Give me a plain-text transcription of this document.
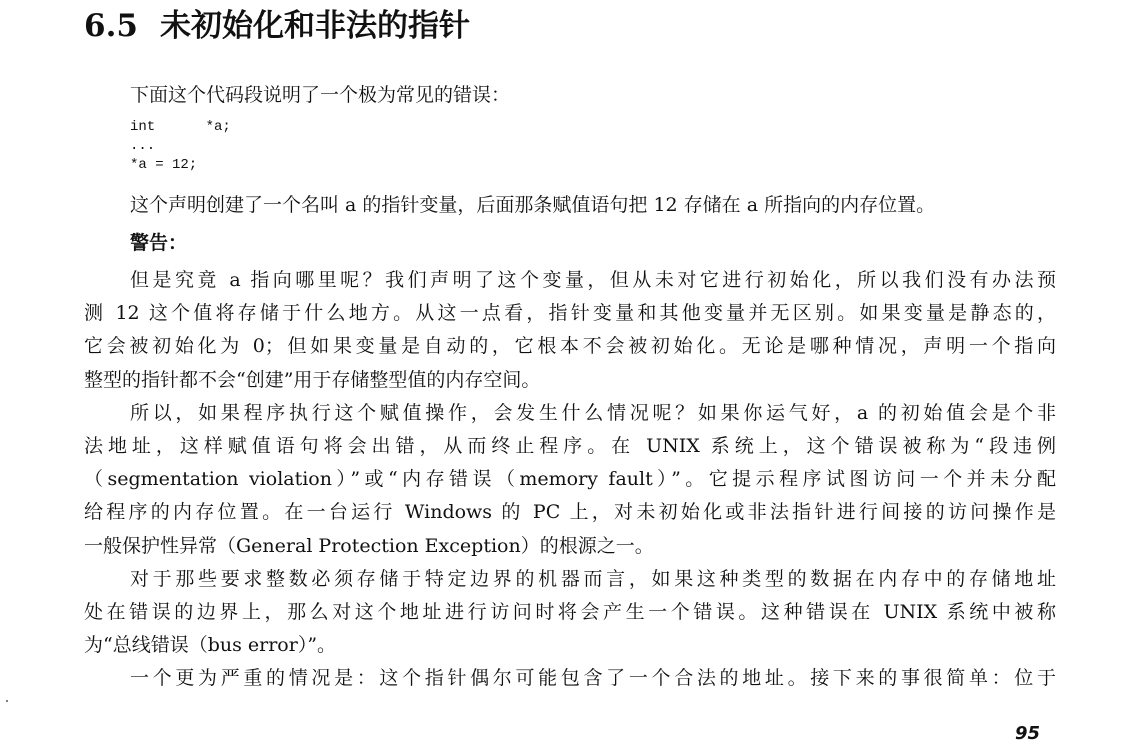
6.5 未初始化和非法的指针

下面这个代码段说明了一个极为常见的错误：

int      *a;
...
*a = 12;

这个声明创建了一个名叫 a 的指针变量，后面那条赋值语句把 12 存储在 a 所指向的内存位置。

警告：

但是究竟 a 指向哪里呢？我们声明了这个变量，但从未对它进行初始化，所以我们没有办法预
测 12 这个值将存储于什么地方。从这一点看，指针变量和其他变量并无区别。如果变量是静态的，
它会被初始化为 0；但如果变量是自动的，它根本不会被初始化。无论是哪种情况，声明一个指向
整型的指针都不会“创建”用于存储整型值的内存空间。
所以，如果程序执行这个赋值操作，会发生什么情况呢？如果你运气好，a 的初始值会是个非
法地址，这样赋值语句将会出错，从而终止程序。在 UNIX 系统上，这个错误被称为“段违例
（segmentation violation）”或“内存错误（memory fault）”。它提示程序试图访问一个并未分配
给程序的内存位置。在一台运行 Windows 的 PC 上，对未初始化或非法指针进行间接的访问操作是
一般保护性异常（General Protection Exception）的根源之一。
对于那些要求整数必须存储于特定边界的机器而言，如果这种类型的数据在内存中的存储地址
处在错误的边界上，那么对这个地址进行访问时将会产生一个错误。这种错误在 UNIX 系统中被称
为“总线错误（bus error）”。
一个更为严重的情况是：这个指针偶尔可能包含了一个合法的地址。接下来的事很简单：位于

95
